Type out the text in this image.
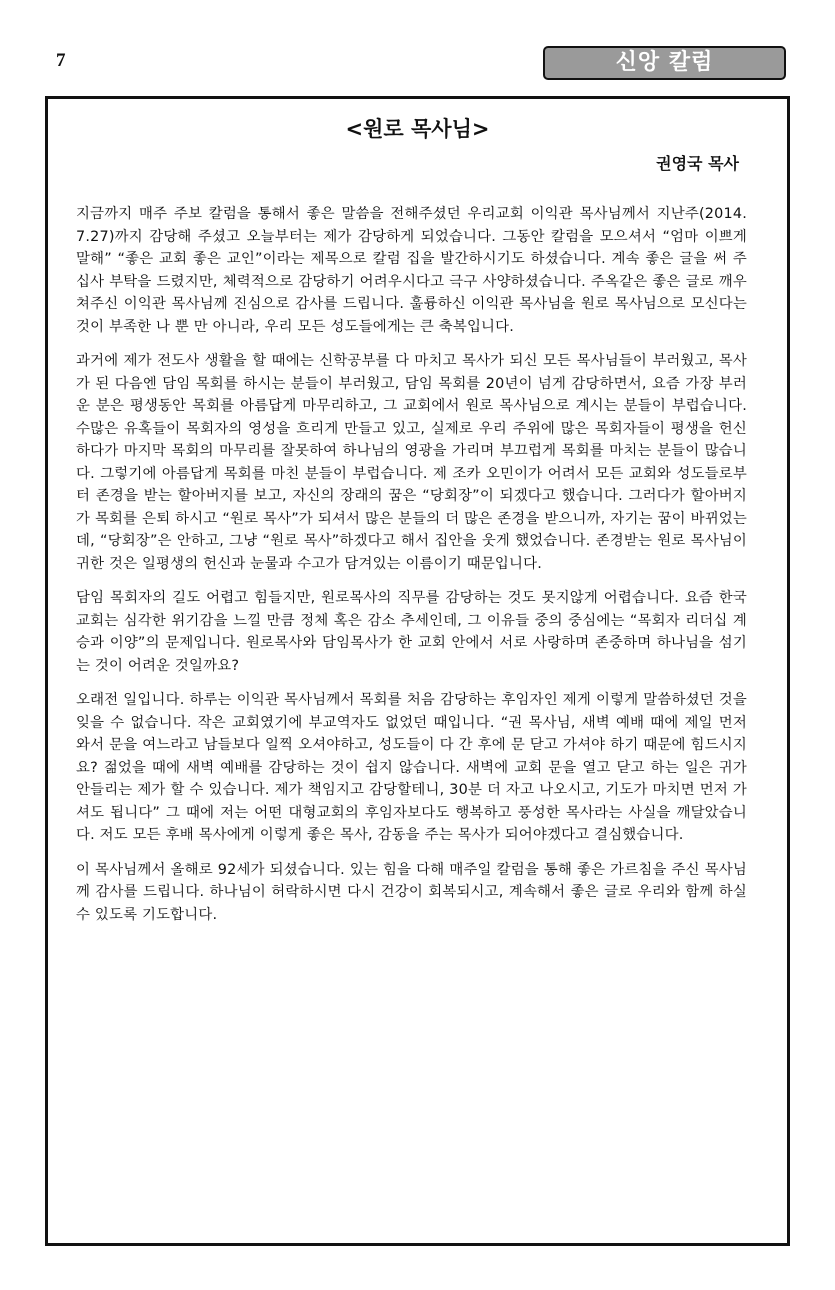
7	신앙 칼럼
<원로 목사님>
권영국 목사

지금까지 매주 주보 칼럼을 통해서 좋은 말씀을 전해주셨던 우리교회 이익관 목사님께서 지난주(2014. 7.27)까지 감당해 주셨고 오늘부터는 제가 감당하게 되었습니다. 그동안 칼럼을 모으셔서 “엄마 이쁘게 말해” “좋은 교회 좋은 교인”이라는 제목으로 칼럼 집을 발간하시기도 하셨습니다. 계속 좋은 글을 써 주십사 부탁을 드렸지만, 체력적으로 감당하기 어려우시다고 극구 사양하셨습니다. 주옥같은 좋은 글로 깨우쳐주신 이익관 목사님께 진심으로 감사를 드립니다. 훌륭하신 이익관 목사님을 원로 목사님으로 모신다는 것이 부족한 나 뿐 만 아니라, 우리 모든 성도들에게는 큰 축복입니다.

과거에 제가 전도사 생활을 할 때에는 신학공부를 다 마치고 목사가 되신 모든 목사님들이 부러웠고, 목사가 된 다음엔 담임 목회를 하시는 분들이 부러웠고, 담임 목회를 20년이 넘게 감당하면서, 요즘 가장 부러운 분은 평생동안 목회를 아름답게 마무리하고, 그 교회에서 원로 목사님으로 계시는 분들이 부럽습니다. 수많은 유혹들이 목회자의 영성을 흐리게 만들고 있고, 실제로 우리 주위에 많은 목회자들이 평생을 헌신하다가 마지막 목회의 마무리를 잘못하여 하나님의 영광을 가리며 부끄럽게 목회를 마치는 분들이 많습니다. 그렇기에 아름답게 목회를 마친 분들이 부럽습니다. 제 조카 오민이가 어려서 모든 교회와 성도들로부터 존경을 받는 할아버지를 보고, 자신의 장래의 꿈은 “당회장”이 되겠다고 했습니다. 그러다가 할아버지가 목회를 은퇴 하시고 “원로 목사”가 되셔서 많은 분들의 더 많은 존경을 받으니까, 자기는 꿈이 바뀌었는데, “당회장”은 안하고, 그냥 “원로 목사”하겠다고 해서 집안을 웃게 했었습니다. 존경받는 원로 목사님이 귀한 것은 일평생의 헌신과 눈물과 수고가 담겨있는 이름이기 때문입니다.

담임 목회자의 길도 어렵고 힘들지만, 원로목사의 직무를 감당하는 것도 못지않게 어렵습니다. 요즘 한국 교회는 심각한 위기감을 느낄 만큼 정체 혹은 감소 추세인데, 그 이유들 중의 중심에는 “목회자 리더십 계승과 이양”의 문제입니다. 원로목사와 담임목사가 한 교회 안에서 서로 사랑하며 존중하며 하나님을 섬기는 것이 어려운 것일까요?

오래전 일입니다. 하루는 이익관 목사님께서 목회를 처음 감당하는 후임자인 제게 이렇게 말씀하셨던 것을 잊을 수 없습니다. 작은 교회였기에 부교역자도 없었던 때입니다. “권 목사님, 새벽 예배 때에 제일 먼저 와서 문을 여느라고 남들보다 일찍 오셔야하고, 성도들이 다 간 후에 문 닫고 가셔야 하기 때문에 힘드시지요? 젊었을 때에 새벽 예배를 감당하는 것이 쉽지 않습니다. 새벽에 교회 문을 열고 닫고 하는 일은 귀가 안들리는 제가 할 수 있습니다. 제가 책임지고 감당할테니, 30분 더 자고 나오시고, 기도가 마치면 먼저 가셔도 됩니다” 그 때에 저는 어떤 대형교회의 후임자보다도 행복하고 풍성한 목사라는 사실을 깨달았습니다. 저도 모든 후배 목사에게 이렇게 좋은 목사, 감동을 주는 목사가 되어야겠다고 결심했습니다.

이 목사님께서 올해로 92세가 되셨습니다. 있는 힘을 다해 매주일 칼럼을 통해 좋은 가르침을 주신 목사님께 감사를 드립니다. 하나님이 허락하시면 다시 건강이 회복되시고, 계속해서 좋은 글로 우리와 함께 하실 수 있도록 기도합니다.
